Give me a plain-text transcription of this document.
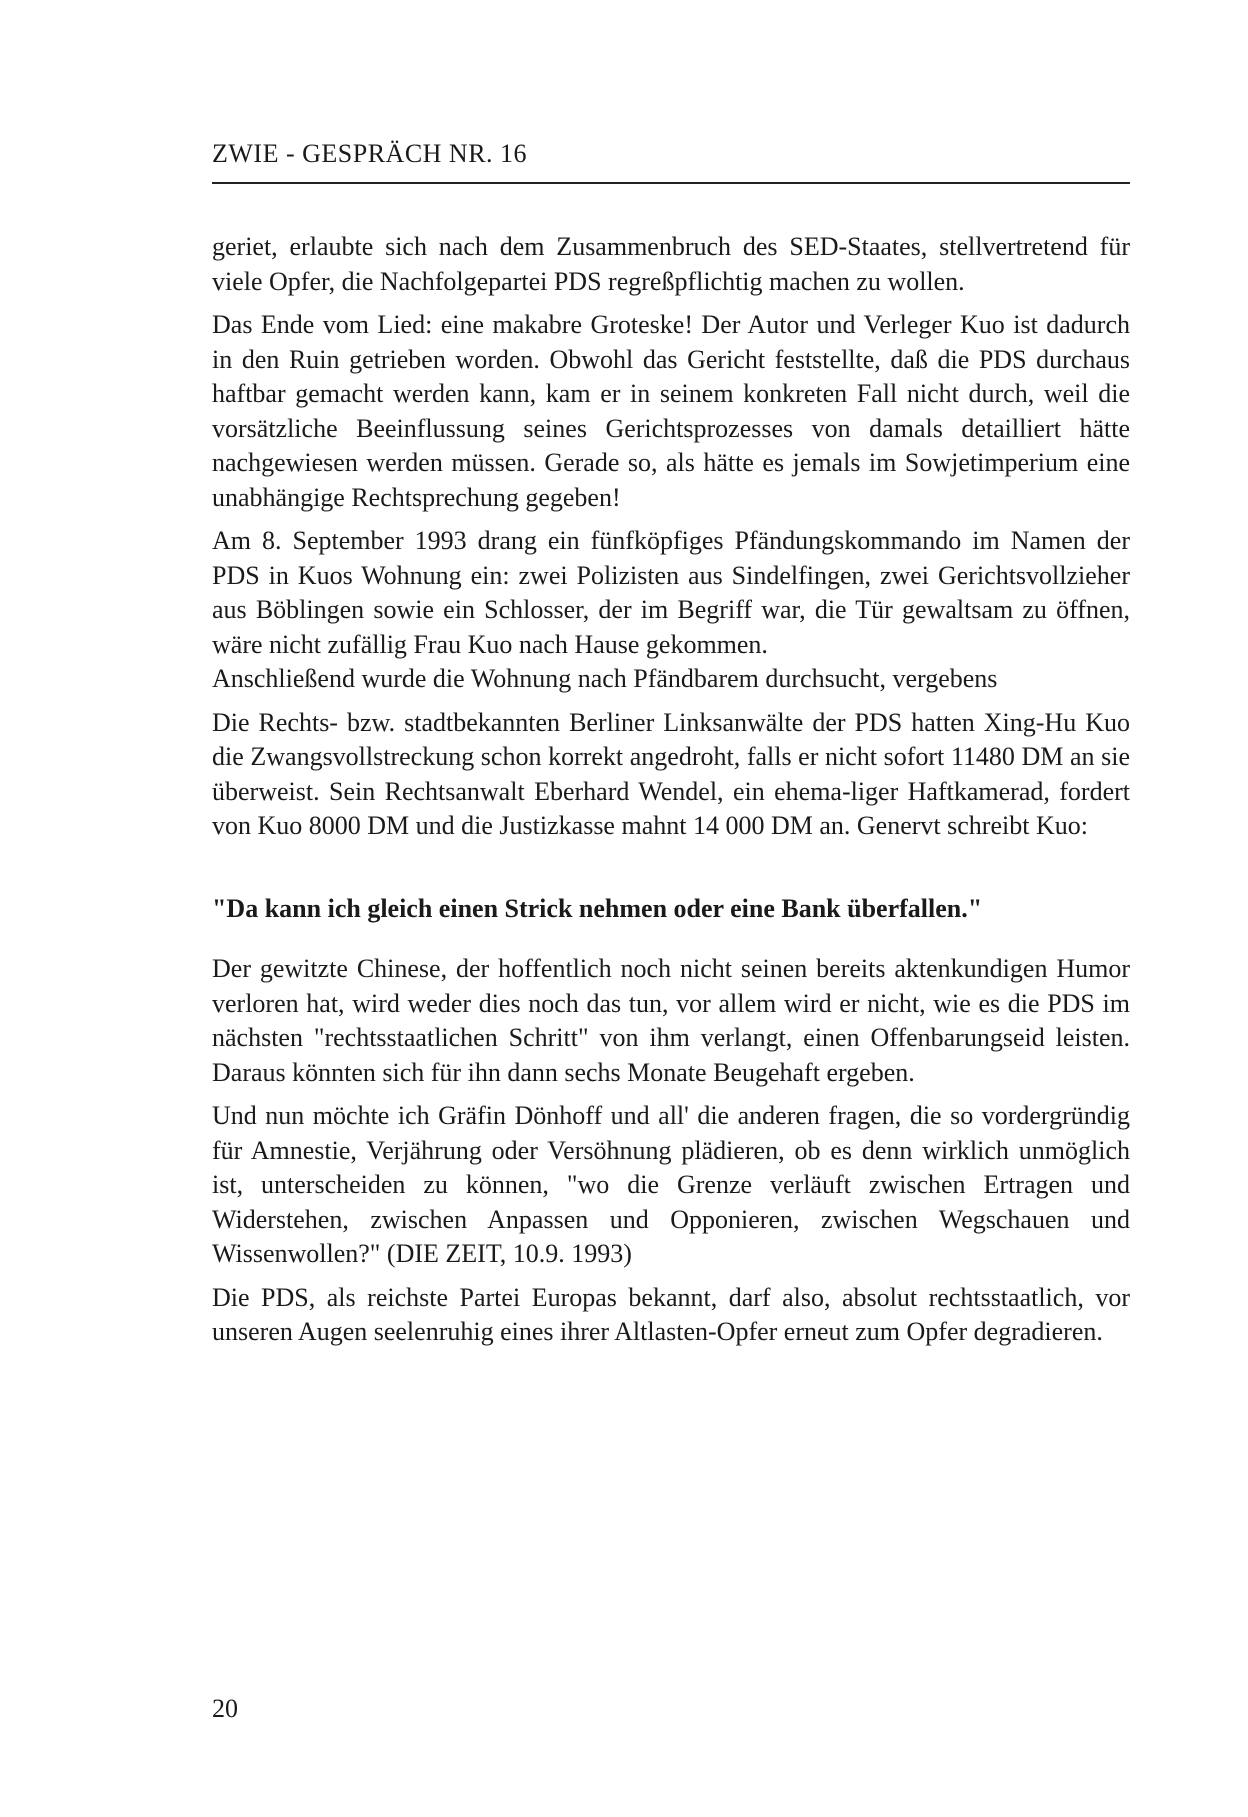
ZWIE - GESPRÄCH NR. 16

geriet, erlaubte sich nach dem Zusammenbruch des SED-Staates, stellvertretend für viele Opfer, die Nachfolgepartei PDS regreßpflichtig machen zu wollen.

Das Ende vom Lied: eine makabre Groteske! Der Autor und Verleger Kuo ist dadurch in den Ruin getrieben worden. Obwohl das Gericht feststellte, daß die PDS durchaus haftbar gemacht werden kann, kam er in seinem konkreten Fall nicht durch, weil die vorsätzliche Beeinflussung seines Gerichtsprozesses von damals detailliert hätte nachgewiesen werden müssen. Gerade so, als hätte es jemals im Sowjetimperium eine unabhängige Rechtsprechung gegeben!

Am 8. September 1993 drang ein fünfköpfiges Pfändungskommando im Namen der PDS in Kuos Wohnung ein: zwei Polizisten aus Sindelfingen, zwei Gerichtsvollzieher aus Böblingen sowie ein Schlosser, der im Begriff war, die Tür gewaltsam zu öffnen, wäre nicht zufällig Frau Kuo nach Hause gekommen.

Anschließend wurde die Wohnung nach Pfändbarem durchsucht, vergebens

Die Rechts- bzw. stadtbekannten Berliner Linksanwälte der PDS hatten Xing-Hu Kuo die Zwangsvollstreckung schon korrekt angedroht, falls er nicht sofort 11480 DM an sie überweist. Sein Rechtsanwalt Eberhard Wendel, ein ehema-liger Haftkamerad, fordert von Kuo 8000 DM und die Justizkasse mahnt 14 000 DM an. Genervt schreibt Kuo:

"Da kann ich gleich einen Strick nehmen oder eine Bank überfallen."

Der gewitzte Chinese, der hoffentlich noch nicht seinen bereits aktenkundigen Humor verloren hat, wird weder dies noch das tun, vor allem wird er nicht, wie es die PDS im nächsten "rechtsstaatlichen Schritt" von ihm verlangt, einen Offenbarungseid leisten. Daraus könnten sich für ihn dann sechs Monate Beugehaft ergeben.

Und nun möchte ich Gräfin Dönhoff und all' die anderen fragen, die so vordergründig für Amnestie, Verjährung oder Versöhnung plädieren, ob es denn wirklich unmöglich ist, unterscheiden zu können, "wo die Grenze verläuft zwischen Ertragen und Widerstehen, zwischen Anpassen und Opponieren, zwischen Wegschauen und Wissenwollen?" (DIE ZEIT, 10.9. 1993)

Die PDS, als reichste Partei Europas bekannt, darf also, absolut rechtsstaatlich, vor unseren Augen seelenruhig eines ihrer Altlasten-Opfer erneut zum Opfer degradieren.

20
